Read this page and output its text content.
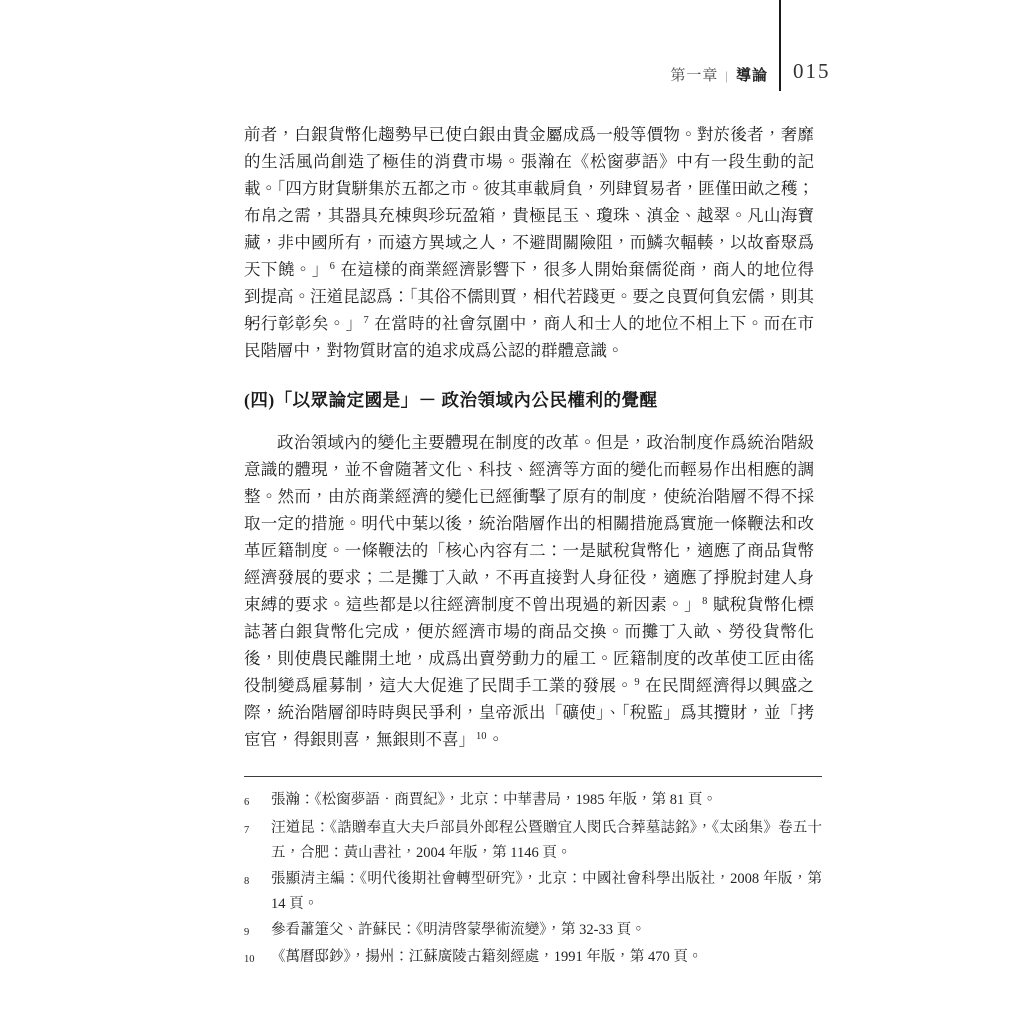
第一章 | 導論 015

前者，白銀貨幣化趨勢早已使白銀由貴金屬成爲一般等價物。對於後者，奢靡的生活風尚創造了極佳的消費市場。張瀚在《松窗夢語》中有一段生動的記載。「四方財貨駢集於五都之市。彼其車載肩負，列肆貿易者，匪僅田畝之穫；布帛之需，其器具充棟與珍玩盈箱，貴極昆玉、瓊珠、滇金、越翠。凡山海寶藏，非中國所有，而遠方異域之人，不避間關險阻，而鱗次輻輳，以故畜聚爲天下饒。」$^6$ 在這樣的商業經濟影響下，很多人開始棄儒從商，商人的地位得到提高。汪道昆認爲：「其俗不儒則賈，相代若踐更。要之良賈何負宏儒，則其躬行彰彰矣。」$^7$ 在當時的社會氛圍中，商人和士人的地位不相上下。而在市民階層中，對物質財富的追求成爲公認的群體意識。

(四)「以眾論定國是」－ 政治領域內公民權利的覺醒

政治領域內的變化主要體現在制度的改革。但是，政治制度作爲統治階級意識的體現，並不會隨著文化、科技、經濟等方面的變化而輕易作出相應的調整。然而，由於商業經濟的變化已經衝擊了原有的制度，使統治階層不得不採取一定的措施。明代中葉以後，統治階層作出的相關措施爲實施一條鞭法和改革匠籍制度。一條鞭法的「核心內容有二：一是賦稅貨幣化，適應了商品貨幣經濟發展的要求；二是攤丁入畝，不再直接對人身征役，適應了掙脫封建人身束縛的要求。這些都是以往經濟制度不曾出現過的新因素。」$^8$ 賦稅貨幣化標誌著白銀貨幣化完成，便於經濟市場的商品交換。而攤丁入畝、勞役貨幣化後，則使農民離開土地，成爲出賣勞動力的雇工。匠籍制度的改革使工匠由徭役制變爲雇募制，這大大促進了民間手工業的發展。$^9$ 在民間經濟得以興盛之際，統治階層卻時時與民爭利，皇帝派出「礦使」、「稅監」爲其攬財，並「拷宦官，得銀則喜，無銀則不喜」$^{10}$。

6	張瀚：《松窗夢語‧商賈紀》，北京：中華書局，1985 年版，第 81 頁。
7	汪道昆：《誥贈奉直大夫戶部員外郎程公暨贈宜人閔氏合葬墓誌銘》，《太函集》卷五十五，合肥：黃山書社，2004 年版，第 1146 頁。
8	張顯清主編：《明代後期社會轉型研究》，北京：中國社會科學出版社，2008 年版，第 14 頁。
9	參看蕭箑父、許蘇民：《明清啓蒙學術流變》，第 32-33 頁。
10	《萬曆邸鈔》，揚州：江蘇廣陵古籍刻經處，1991 年版，第 470 頁。
